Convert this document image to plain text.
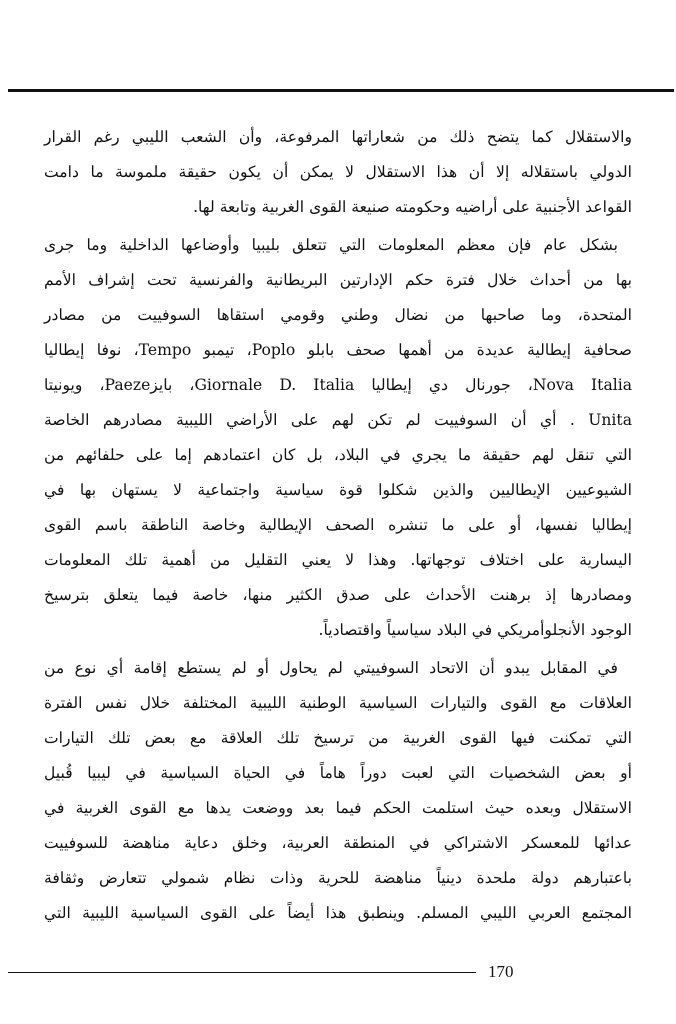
والاستقلال كما يتضح ذلك من شعاراتها المرفوعة، وأن الشعب الليبي رغم القرار
الدولي باستقلاله إلا أن هذا الاستقلال لا يمكن أن يكون حقيقة ملموسة ما دامت
القواعد الأجنبية على أراضيه وحكومته صنيعة القوى الغربية وتابعة لها.

بشكل عام فإن معظم المعلومات التي تتعلق بليبيا وأوضاعها الداخلية وما جرى
بها من أحداث خلال فترة حكم الإدارتين البريطانية والفرنسية تحت إشراف الأمم
المتحدة، وما صاحبها من نضال وطني وقومي استقاها السوفييت من مصادر
صحافية إيطالية عديدة من أهمها صحف بابلو Poplo، تيمبو Tempo، نوفا إيطاليا
Nova Italia، جورنال دي إيطاليا Giornale D. Italia، بايزPaeze، ويونيتا
Unita . أي أن السوفييت لم تكن لهم على الأراضي الليبية مصادرهم الخاصة
التي تنقل لهم حقيقة ما يجري في البلاد، بل كان اعتمادهم إما على حلفائهم من
الشيوعيين الإيطاليين والذين شكلوا قوة سياسية واجتماعية لا يستهان بها في
إيطاليا نفسها، أو على ما تنشره الصحف الإيطالية وخاصة الناطقة باسم القوى
اليسارية على اختلاف توجهاتها. وهذا لا يعني التقليل من أهمية تلك المعلومات
ومصادرها إذ برهنت الأحداث على صدق الكثير منها، خاصة فيما يتعلق بترسيخ
الوجود الأنجلوأمريكي في البلاد سياسياً واقتصادياً.

في المقابل يبدو أن الاتحاد السوفييتي لم يحاول أو لم يستطع إقامة أي نوع من
العلاقات مع القوى والتيارات السياسية الوطنية الليبية المختلفة خلال نفس الفترة
التي تمكنت فيها القوى الغربية من ترسيخ تلك العلاقة مع بعض تلك التيارات
أو بعض الشخصيات التي لعبت دوراً هاماً في الحياة السياسية في ليبيا قُبيل
الاستقلال وبعده حيث استلمت الحكم فيما بعد ووضعت يدها مع القوى الغربية في
عدائها للمعسكر الاشتراكي في المنطقة العربية، وخلق دعاية مناهضة للسوفييت
باعتبارهم دولة ملحدة دينياً مناهضة للحرية وذات نظام شمولي تتعارض وثقافة
المجتمع العربي الليبي المسلم. وينطبق هذا أيضاً على القوى السياسية الليبية التي

170
